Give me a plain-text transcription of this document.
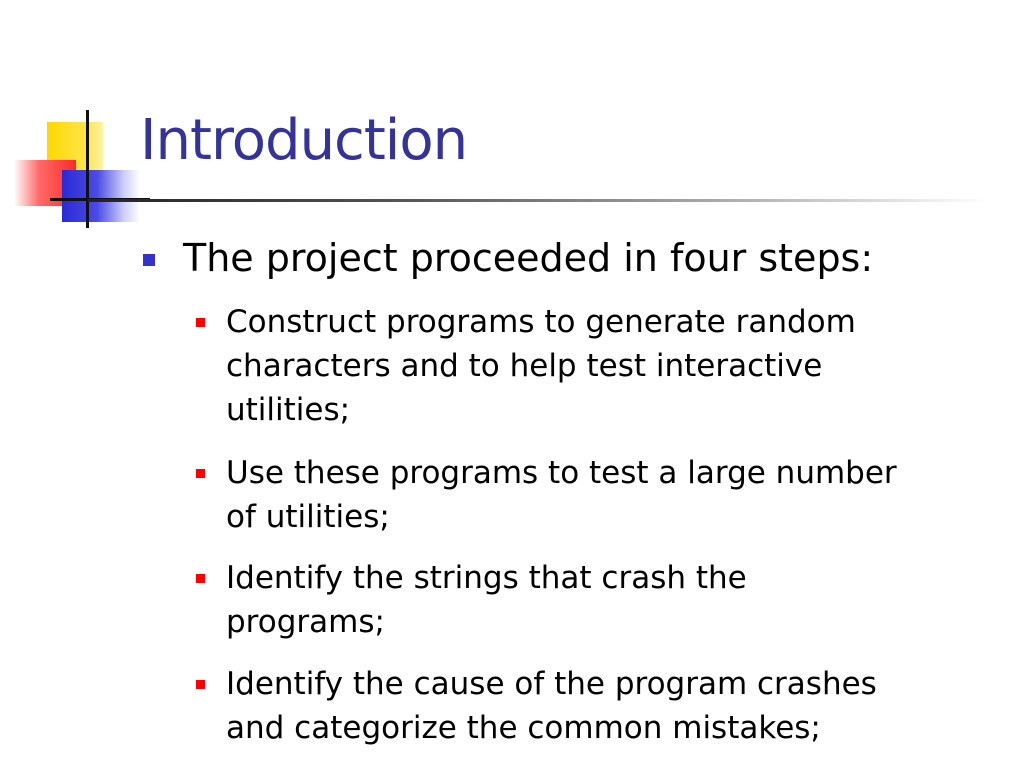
Introduction
The project proceeded in four steps:
Construct programs to generate random
characters and to help test interactive
utilities;
Use these programs to test a large number
of utilities;
Identify the strings that crash the
programs;
Identify the cause of the program crashes
and categorize the common mistakes;
